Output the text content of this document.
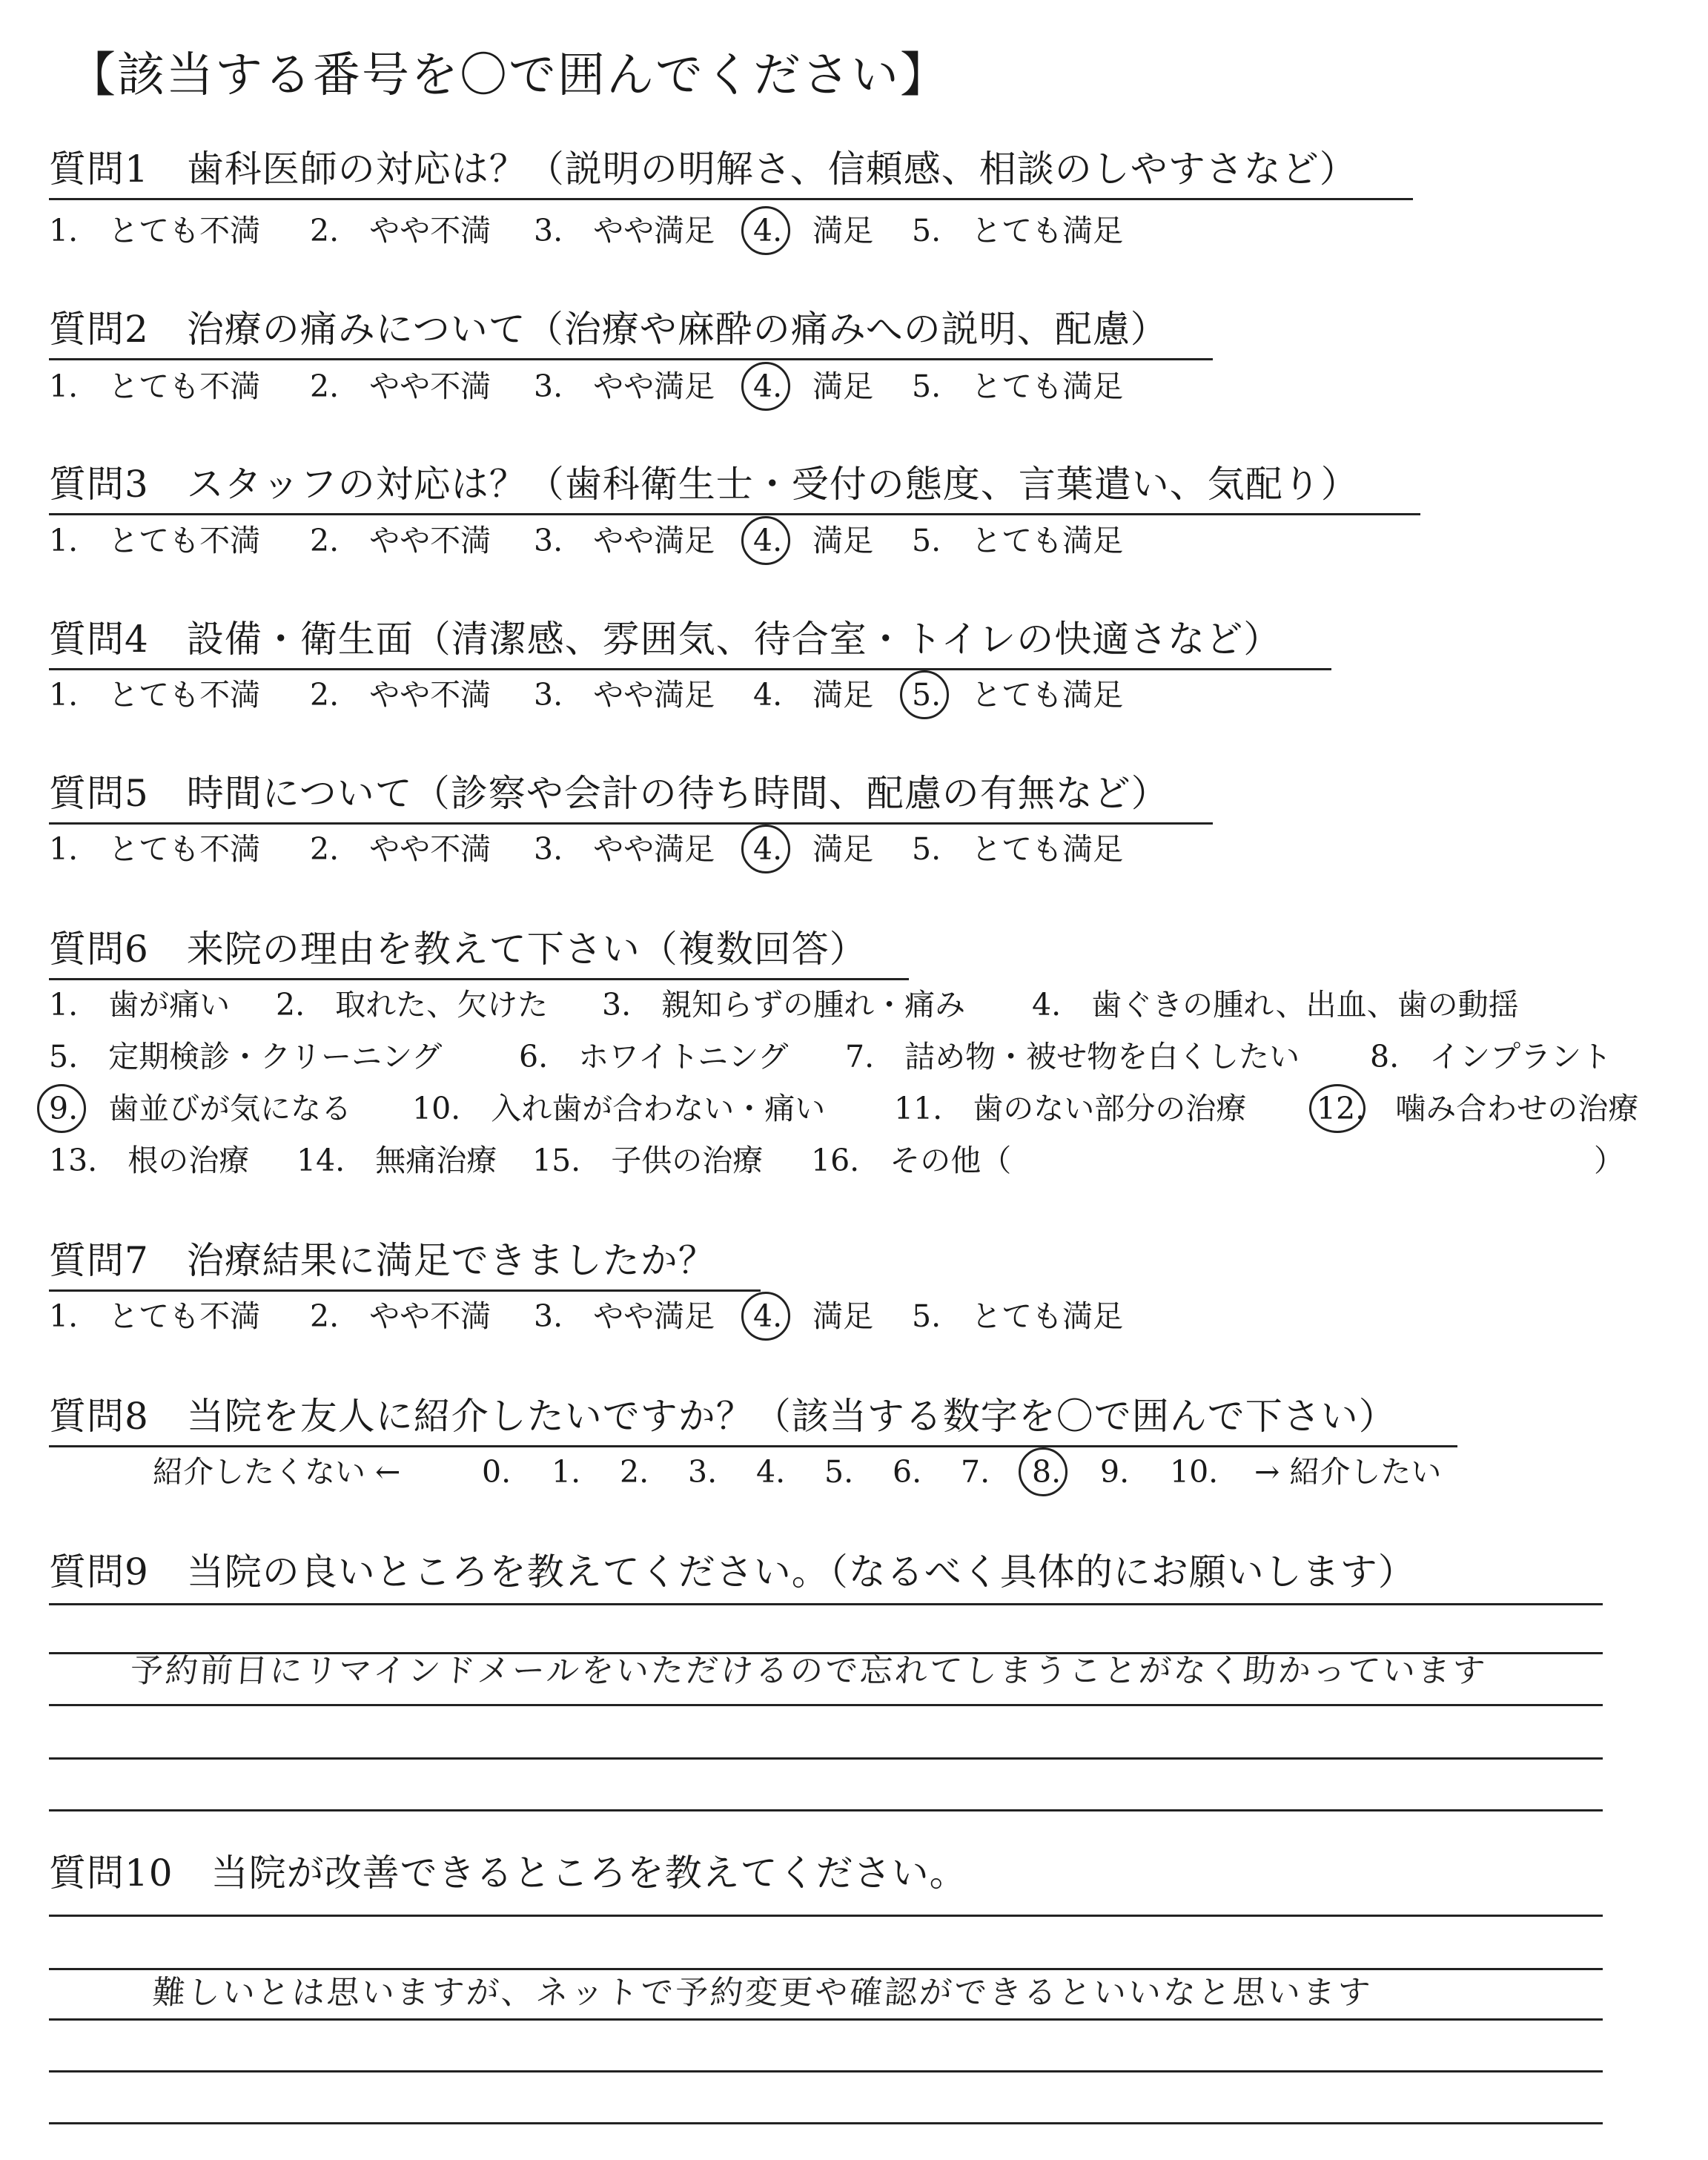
【該当する番号を〇で囲んでください】
質問1　歯科医師の対応は？（説明の明解さ、信頼感、相談のしやすさなど）
1.　とても不満 2.　やや不満 3.　やや満足 4.　満足 5.　とても満足
質問2　治療の痛みについて（治療や麻酔の痛みへの説明、配慮）
1.　とても不満 2.　やや不満 3.　やや満足 4.　満足 5.　とても満足
質問3　スタッフの対応は？（歯科衛生士・受付の態度、言葉遣い、気配り）
1.　とても不満 2.　やや不満 3.　やや満足 4.　満足 5.　とても満足
質問4　設備・衛生面（清潔感、雰囲気、待合室・トイレの快適さなど）
1.　とても不満 2.　やや不満 3.　やや満足 4.　満足 5.　とても満足
質問5　時間について（診察や会計の待ち時間、配慮の有無など）
1.　とても不満 2.　やや不満 3.　やや満足 4.　満足 5.　とても満足
質問6　来院の理由を教えて下さい（複数回答）
1.　歯が痛い 2.　取れた、欠けた 3.　親知らずの腫れ・痛み 4.　歯ぐきの腫れ、出血、歯の動揺
5.　定期検診・クリーニング	6.　ホワイトニング 7.　詰め物・被せ物を白くしたい 8.　インプラント
9.　歯並びが気になる 10.　入れ歯が合わない・痛い 11.　歯のない部分の治療 12.　噛み合わせの治療
13.　根の治療 14.　無痛治療 15.　子供の治療 16.　その他（	）
質問7　治療結果に満足できましたか？
1.　とても不満 2.　やや不満 3.　やや満足 4.　満足 5.　とても満足
質問8　当院を友人に紹介したいですか？（該当する数字を〇で囲んで下さい）
紹介したくない ←	0. 1. 2. 3. 4. 5. 6. 7. 8. 9. 10. → 紹介したい
質問9　当院の良いところを教えてください。（なるべく具体的にお願いします）
予約前日にリマインドメールをいただけるので忘れてしまうことがなく助かっています
質問10　当院が改善できるところを教えてください。
難しいとは思いますが、ネットで予約変更や確認ができるといいなと思います
